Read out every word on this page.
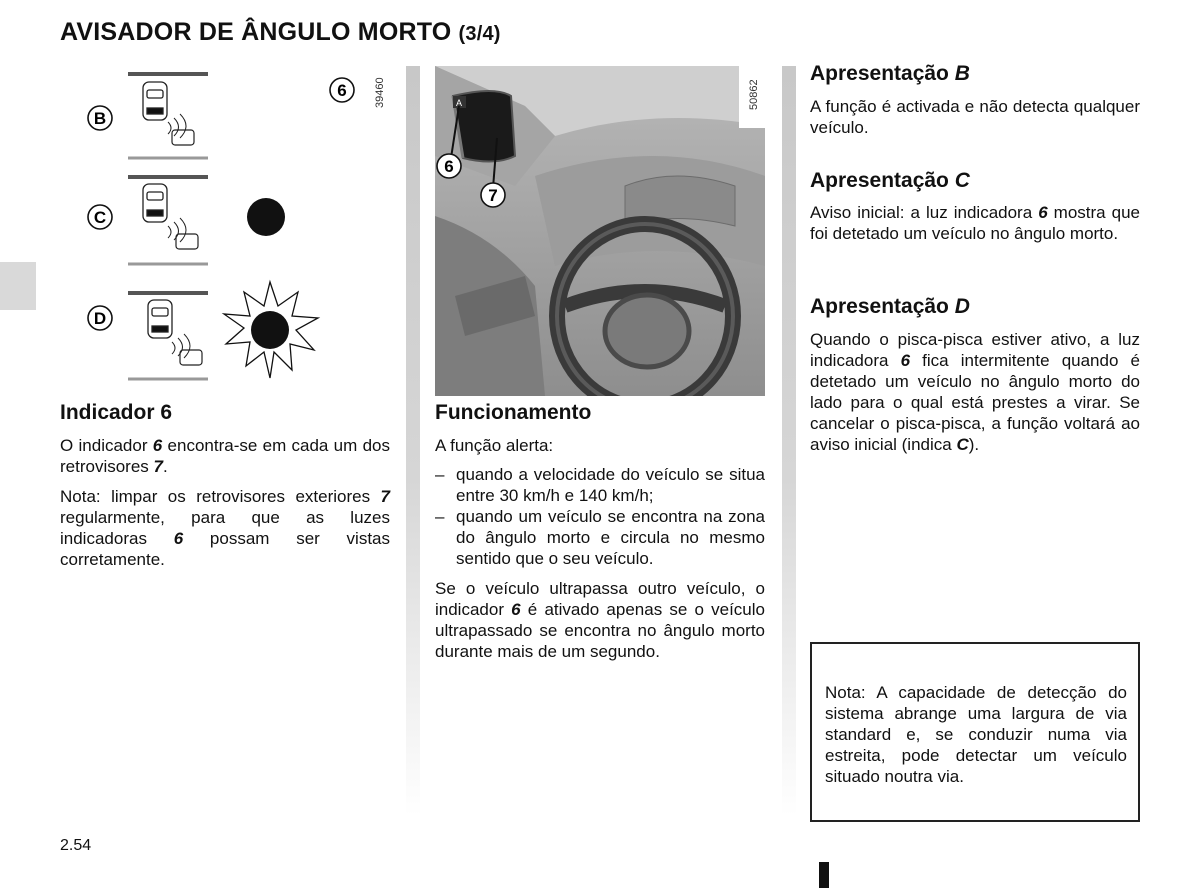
AVISADOR DE ÂNGULO MORTO (3/4)
6 39460
B
C
D
A	50862
6
7
Indicador 6
O indicador 6 encontra-se em cada um dos retrovisores 7.
Nota: limpar os retrovisores exteriores 7 regularmente, para que as luzes indicadoras 6 possam ser vistas corretamente.
Funcionamento
A função alerta:
– quando a velocidade do veículo se situa entre 30 km/h e 140 km/h;
– quando um veículo se encontra na zona do ângulo morto e circula no mesmo sentido que o seu veículo.
Se o veículo ultrapassa outro veículo, o indicador 6 é ativado apenas se o veículo ultrapassado se encontra no ângulo morto durante mais de um segundo.
Apresentação B
A função é activada e não detecta qualquer veículo.
Apresentação C
Aviso inicial: a luz indicadora 6 mostra que foi detetado um veículo no ângulo morto.
Apresentação D
Quando o pisca-pisca estiver ativo, a luz indicadora 6 fica intermitente quando é detetado um veículo no ângulo morto do lado para o qual está prestes a virar. Se cancelar o pisca-pisca, a função voltará ao aviso inicial (indica C).
Nota: A capacidade de detecção do sistema abrange uma largura de via standard e, se conduzir numa via estreita, pode detectar um veículo situado noutra via.
2.54
